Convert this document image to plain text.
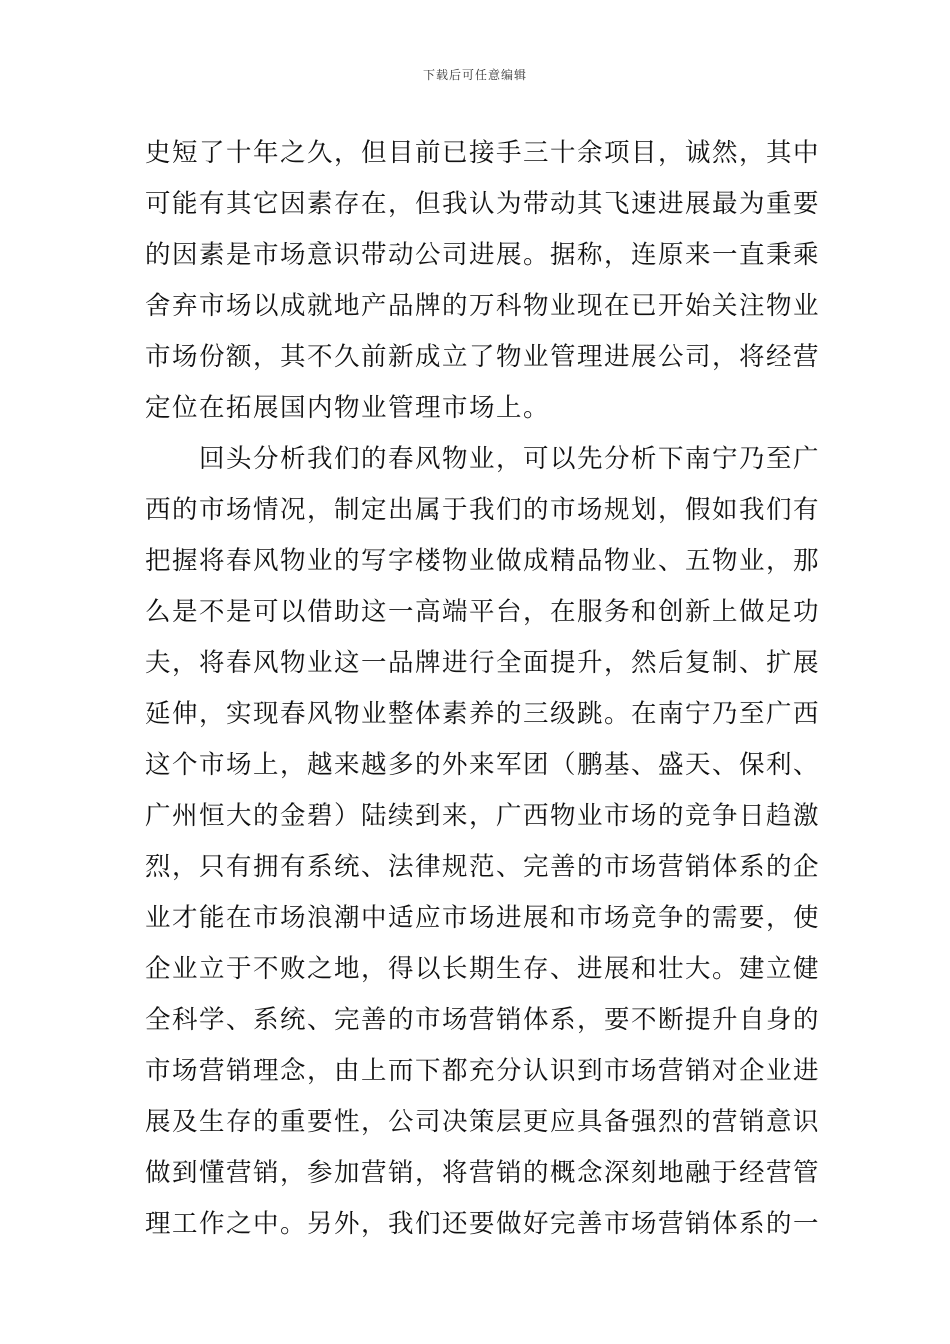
下载后可任意编辑
史短了十年之久，但目前已接手三十余项目，诚然，其中
可能有其它因素存在，但我认为带动其飞速进展最为重要
的因素是市场意识带动公司进展。据称，连原来一直秉乘
舍弃市场以成就地产品牌的万科物业现在已开始关注物业
市场份额，其不久前新成立了物业管理进展公司，将经营
定位在拓展国内物业管理市场上。
　　回头分析我们的春风物业，可以先分析下南宁乃至广
西的市场情况，制定出属于我们的市场规划，假如我们有
把握将春风物业的写字楼物业做成精品物业、五物业，那
么是不是可以借助这一高端平台，在服务和创新上做足功
夫，将春风物业这一品牌进行全面提升，然后复制、扩展
延伸，实现春风物业整体素养的三级跳。在南宁乃至广西
这个市场上，越来越多的外来军团（鹏基、盛天、保利、
广州恒大的金碧）陆续到来，广西物业市场的竞争日趋激
烈，只有拥有系统、法律规范、完善的市场营销体系的企
业才能在市场浪潮中适应市场进展和市场竞争的需要，使
企业立于不败之地，得以长期生存、进展和壮大。建立健
全科学、系统、完善的市场营销体系，要不断提升自身的
市场营销理念，由上而下都充分认识到市场营销对企业进
展及生存的重要性，公司决策层更应具备强烈的营销意识
做到懂营销，参加营销，将营销的概念深刻地融于经营管
理工作之中。另外，我们还要做好完善市场营销体系的一
